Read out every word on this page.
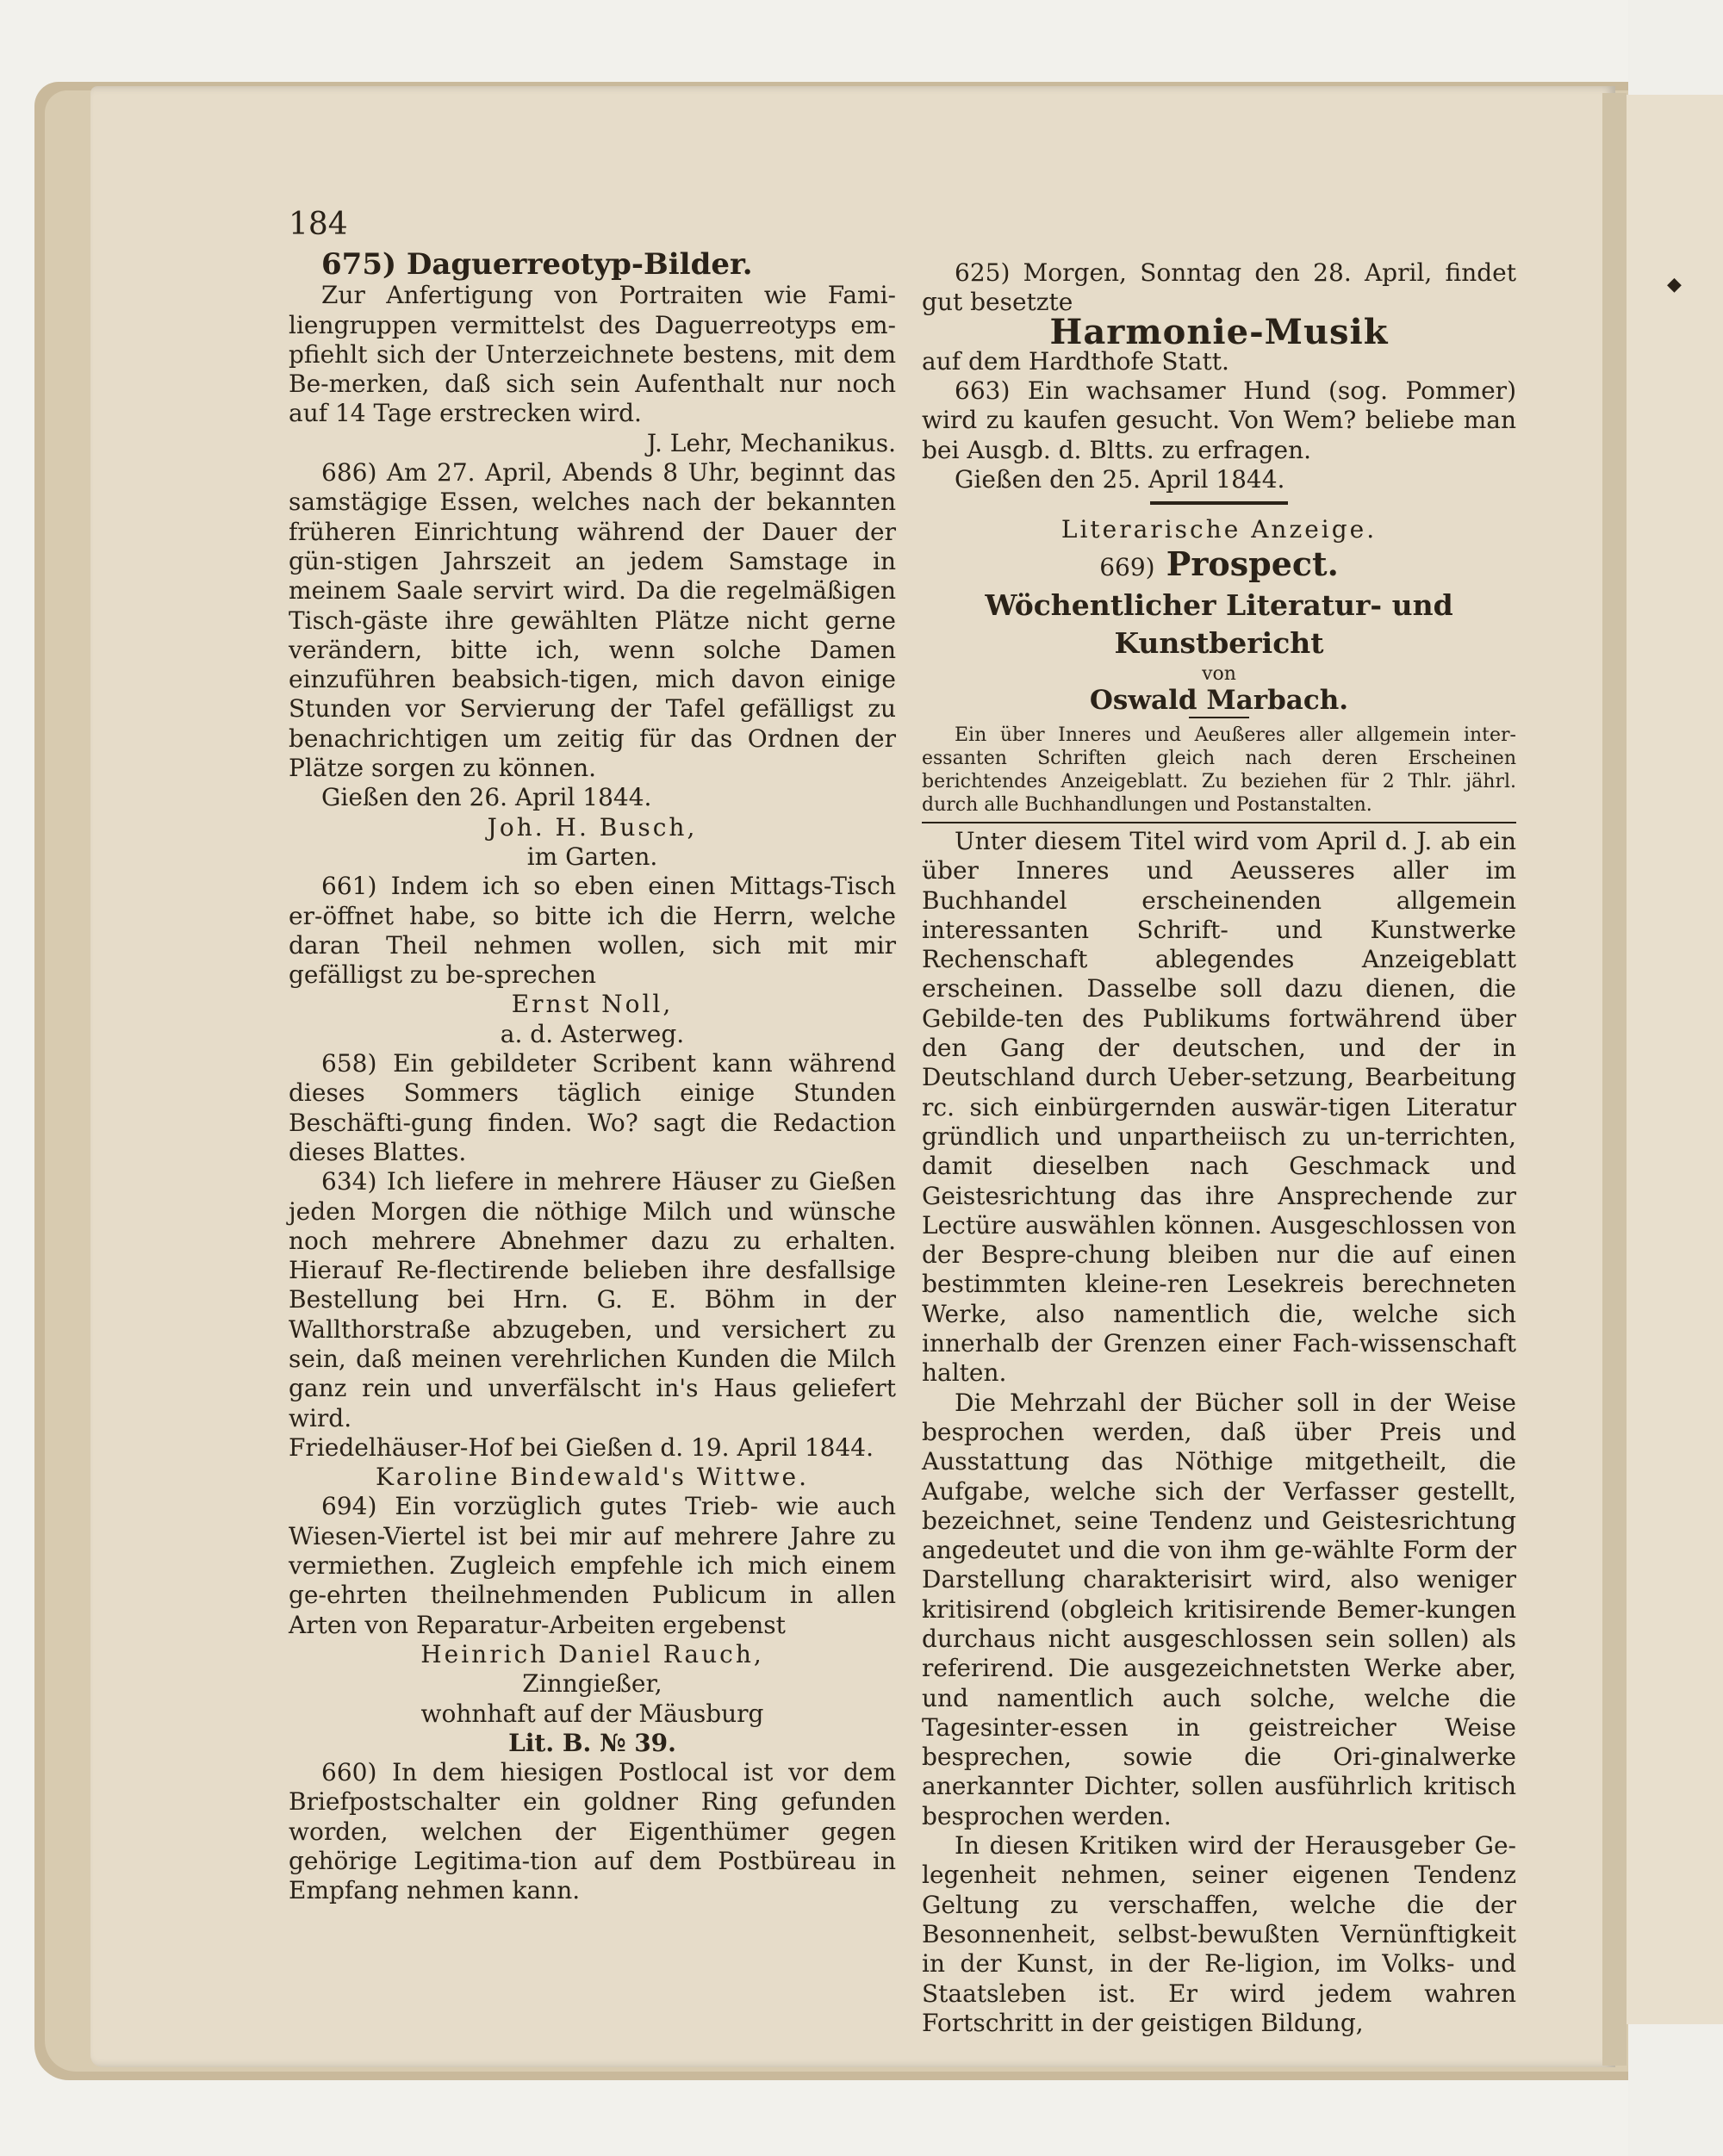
◆
184

675) Daguerreotyp-Bilder.

Zur Anfertigung von Portraiten wie Fami-liengruppen vermittelst des Daguerreotyps em-pfiehlt sich der Unterzeichnete bestens, mit dem Be-merken, daß sich sein Aufenthalt nur noch auf 14 Tage erstrecken wird.

J. Lehr, Mechanikus.

686) Am 27. April, Abends 8 Uhr, beginnt das samstägige Essen, welches nach der bekannten früheren Einrichtung während der Dauer der gün-stigen Jahrszeit an jedem Samstage in meinem Saale servirt wird. Da die regelmäßigen Tisch-gäste ihre gewählten Plätze nicht gerne verändern, bitte ich, wenn solche Damen einzuführen beabsich-tigen, mich davon einige Stunden vor Servierung der Tafel gefälligst zu benachrichtigen um zeitig für das Ordnen der Plätze sorgen zu können.

Gießen den 26. April 1844.

Joh. H. Busch,

im Garten.

661) Indem ich so eben einen Mittags-Tisch er-öffnet habe, so bitte ich die Herrn, welche daran Theil nehmen wollen, sich mit mir gefälligst zu be-sprechen

Ernst Noll,

a. d. Asterweg.

658) Ein gebildeter Scribent kann während dieses Sommers täglich einige Stunden Beschäfti-gung finden. Wo? sagt die Redaction dieses Blattes.

634) Ich liefere in mehrere Häuser zu Gießen jeden Morgen die nöthige Milch und wünsche noch mehrere Abnehmer dazu zu erhalten. Hierauf Re-flectirende belieben ihre desfallsige Bestellung bei Hrn. G. E. Böhm in der Wallthorstraße abzugeben, und versichert zu sein, daß meinen verehrlichen Kunden die Milch ganz rein und unverfälscht in's Haus geliefert wird.

Friedelhäuser-Hof bei Gießen d. 19. April 1844.

Karoline Bindewald's Wittwe.

694) Ein vorzüglich gutes Trieb- wie auch Wiesen-Viertel ist bei mir auf mehrere Jahre zu vermiethen. Zugleich empfehle ich mich einem ge-ehrten theilnehmenden Publicum in allen Arten von Reparatur-Arbeiten ergebenst

Heinrich Daniel Rauch,

Zinngießer,

wohnhaft auf der Mäusburg

Lit. B. № 39.

660) In dem hiesigen Postlocal ist vor dem Briefpostschalter ein goldner Ring gefunden worden, welchen der Eigenthümer gegen gehörige Legitima-tion auf dem Postbüreau in Empfang nehmen kann.

625) Morgen, Sonntag den 28. April, findet gut besetzte

Harmonie-Musik

auf dem Hardthofe Statt.

663) Ein wachsamer Hund (sog. Pommer) wird zu kaufen gesucht. Von Wem? beliebe man bei Ausgb. d. Bltts. zu erfragen.

Gießen den 25. April 1844.

Literarische Anzeige.

669) Prospect.

Wöchentlicher Literatur- und Kunstbericht

von

Oswald Marbach.

Ein über Inneres und Aeußeres aller allgemein inter-essanten Schriften gleich nach deren Erscheinen berichtendes Anzeigeblatt. Zu beziehen für 2 Thlr. jährl. durch alle Buchhandlungen und Postanstalten.

Unter diesem Titel wird vom April d. J. ab ein über Inneres und Aeusseres aller im Buchhandel erscheinenden allgemein interessanten Schrift- und Kunstwerke Rechenschaft ablegendes Anzeigeblatt erscheinen. Dasselbe soll dazu dienen, die Gebilde-ten des Publikums fortwährend über den Gang der deutschen, und der in Deutschland durch Ueber-setzung, Bearbeitung rc. sich einbürgernden auswär-tigen Literatur gründlich und unpartheiisch zu un-terrichten, damit dieselben nach Geschmack und Geistesrichtung das ihre Ansprechende zur Lectüre auswählen können. Ausgeschlossen von der Bespre-chung bleiben nur die auf einen bestimmten kleine-ren Lesekreis berechneten Werke, also namentlich die, welche sich innerhalb der Grenzen einer Fach-wissenschaft halten.

Die Mehrzahl der Bücher soll in der Weise besprochen werden, daß über Preis und Ausstattung das Nöthige mitgetheilt, die Aufgabe, welche sich der Verfasser gestellt, bezeichnet, seine Tendenz und Geistesrichtung angedeutet und die von ihm ge-wählte Form der Darstellung charakterisirt wird, also weniger kritisirend (obgleich kritisirende Bemer-kungen durchaus nicht ausgeschlossen sein sollen) als referirend. Die ausgezeichnetsten Werke aber, und namentlich auch solche, welche die Tagesinter-essen in geistreicher Weise besprechen, sowie die Ori-ginalwerke anerkannter Dichter, sollen ausführlich kritisch besprochen werden.

In diesen Kritiken wird der Herausgeber Ge-legenheit nehmen, seiner eigenen Tendenz Geltung zu verschaffen, welche die der Besonnenheit, selbst-bewußten Vernünftigkeit in der Kunst, in der Re-ligion, im Volks- und Staatsleben ist. Er wird jedem wahren Fortschritt in der geistigen Bildung,
